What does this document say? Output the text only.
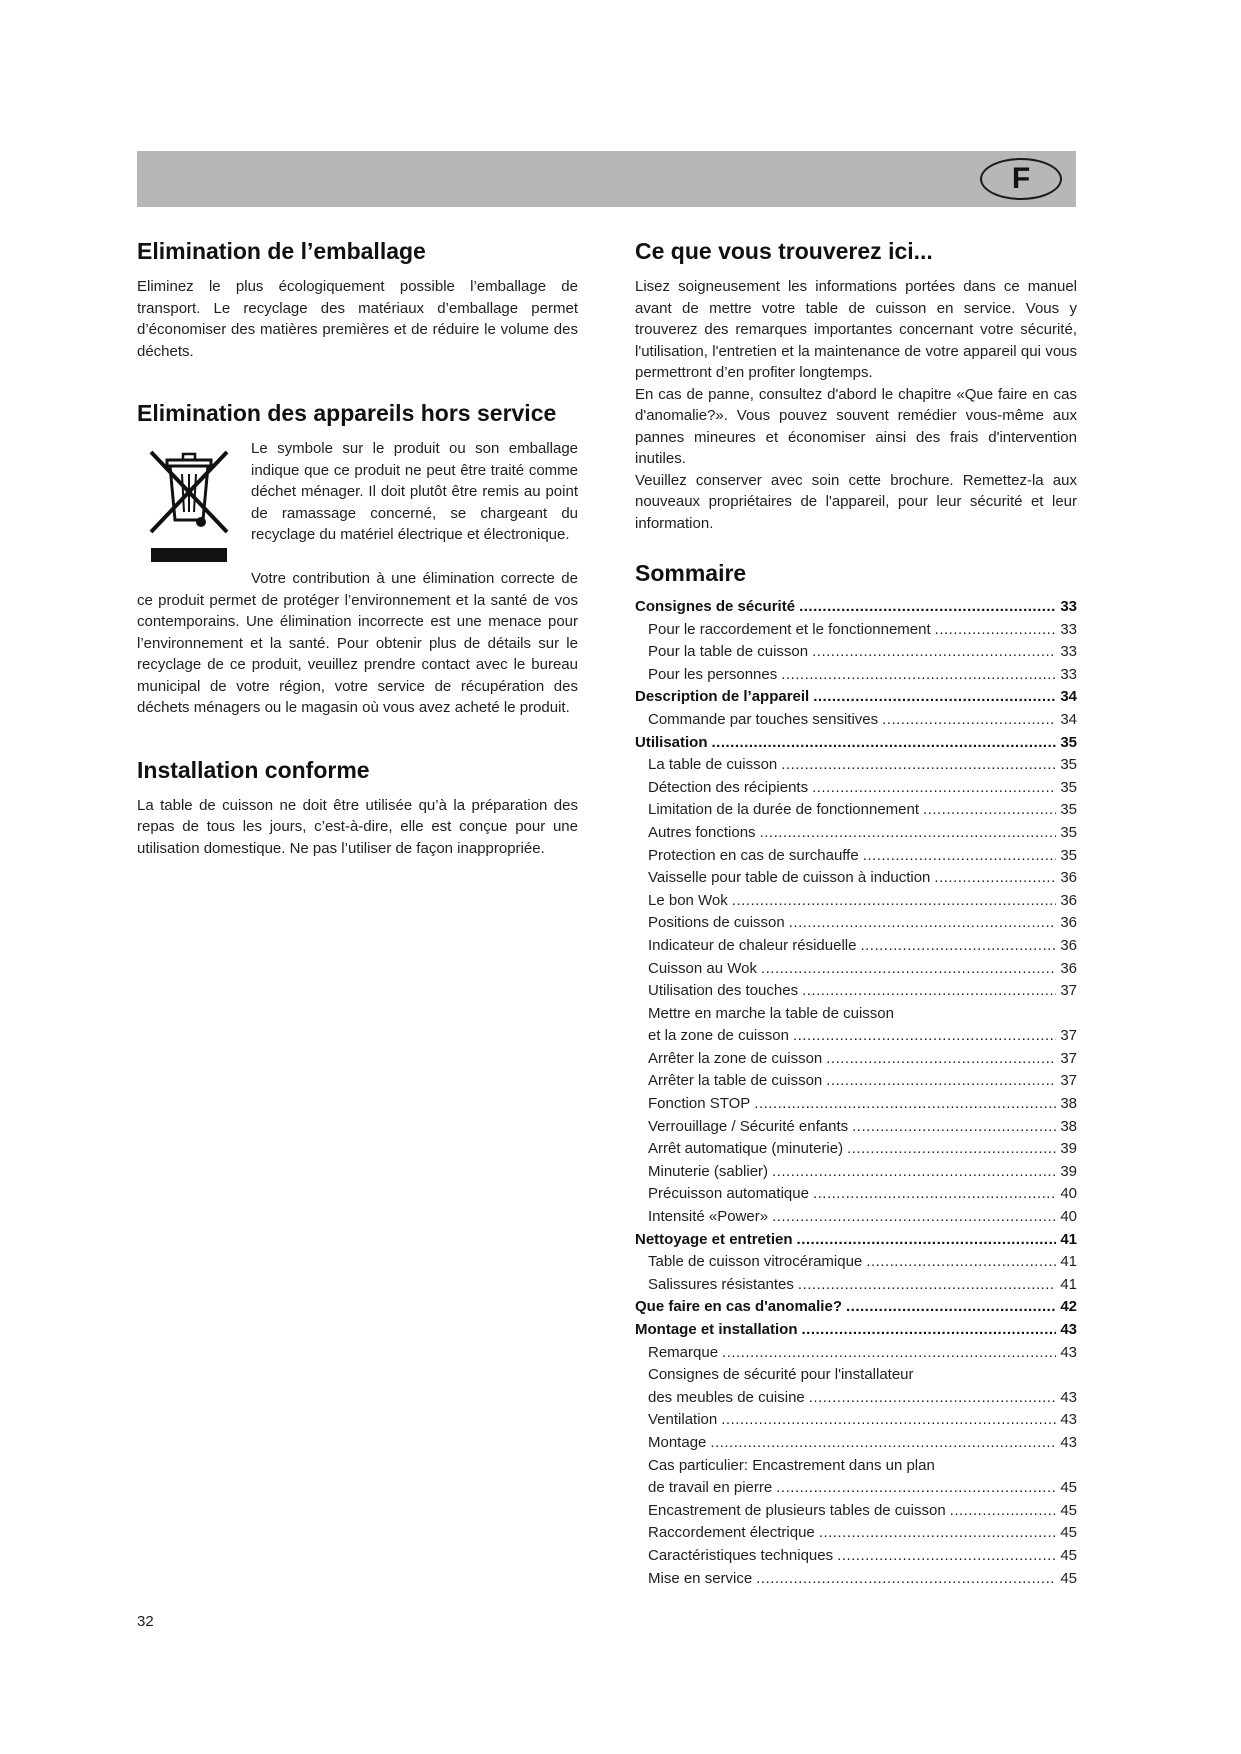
F
Elimination de l’emballage

Eliminez le plus écologiquement possible l’emballage de transport. Le recyclage des matériaux d’emballage permet d’économiser des matières premières et de réduire le volume des déchets.

Elimination des appareils hors service

Le symbole sur le produit ou son emballage indique que ce produit ne peut être traité comme déchet ménager. Il doit plutôt être remis au point de ramassage concerné, se chargeant du recyclage du matériel électrique et électronique.

Votre contribution à une élimination correcte de ce produit permet de protéger l’environnement et la santé de vos contemporains. Une élimination incorrecte est une menace pour l’environnement et la santé. Pour obtenir plus de détails sur le recyclage de ce produit, veuillez prendre contact avec le bureau municipal de votre région, votre service de récupération des déchets ménagers ou le magasin où vous avez acheté le produit.

Installation conforme

La table de cuisson ne doit être utilisée qu’à la préparation des repas de tous les jours, c’est-à-dire, elle est conçue pour une utilisation domestique. Ne pas l’utiliser de façon inappropriée.

Ce que vous trouverez ici...

Lisez soigneusement les informations portées dans ce manuel avant de mettre votre table de cuisson en service. Vous y trouverez des remarques importantes concernant votre sécurité, l'utilisation, l'entretien et la maintenance de votre appareil qui vous permettront d’en profiter longtemps.

En cas de panne, consultez d'abord le chapitre «Que faire en cas d'anomalie?». Vous pouvez souvent remédier vous-même aux pannes mineures et économiser ainsi des frais d'intervention inutiles.

Veuillez conserver avec soin cette brochure. Remettez-la aux nouveaux propriétaires de l'appareil, pour leur sécurité et leur information.

Sommaire
Consignes de sécurité .....	33
Pour le raccordement et le fonctionnement .....	33
Pour la table de cuisson .....	33
Pour les personnes .....	33
Description de l’appareil .....	34
Commande par touches sensitives .....	34
Utilisation .....	35
La table de cuisson .....	35
Détection des récipients .....	35
Limitation de la durée de fonctionnement .....	35
Autres fonctions .....	35
Protection en cas de surchauffe .....	35
Vaisselle pour table de cuisson à induction .....	36
Le bon Wok .....	36
Positions de cuisson .....	36
Indicateur de chaleur résiduelle .....	36
Cuisson au Wok .....	36
Utilisation des touches .....	37
Mettre en marche la table de cuisson
et la zone de cuisson .....	37
Arrêter la zone de cuisson .....	37
Arrêter la table de cuisson .....	37
Fonction STOP .....	38
Verrouillage / Sécurité enfants .....	38
Arrêt automatique (minuterie) .....	39
Minuterie (sablier) .....	39
Précuisson automatique .....	40
Intensité «Power» .....	40
Nettoyage et entretien .....	41
Table de cuisson vitrocéramique .....	41
Salissures résistantes .....	41
Que faire en cas d'anomalie? .....	42
Montage et installation .....	43
Remarque .....	43
Consignes de sécurité pour l'installateur
des meubles de cuisine .....	43
Ventilation .....	43
Montage .....	43
Cas particulier: Encastrement dans un plan
de travail en pierre .....	45
Encastrement de plusieurs tables de cuisson .....	45
Raccordement électrique .....	45
Caractéristiques techniques .....	45
Mise en service .....	45
32
